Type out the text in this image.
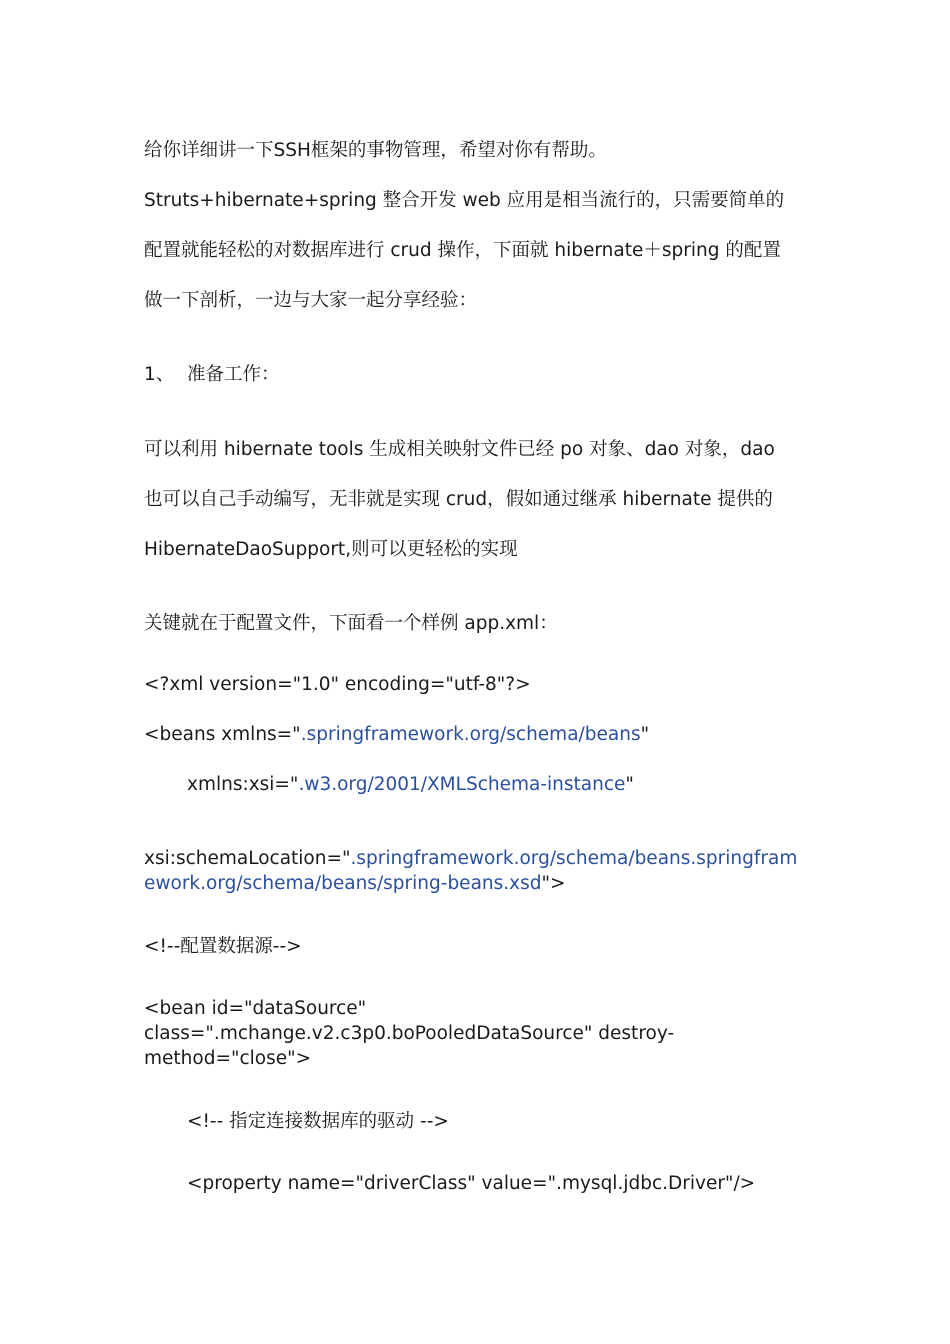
给你详细讲一下SSH框架的事物管理，希望对你有帮助。

Struts+hibernate+spring 整合开发 web 应用是相当流行的，只需要简单的

配置就能轻松的对数据库进行 crud 操作，下面就 hibernate＋spring 的配置

做一下剖析，一边与大家一起分享经验：

1、 准备工作：

可以利用 hibernate tools 生成相关映射文件已经 po 对象、dao 对象，dao

也可以自己手动编写，无非就是实现 crud，假如通过继承 hibernate 提供的

HibernateDaoSupport,则可以更轻松的实现

关键就在于配置文件，下面看一个样例 app.xml：

<?xml version="1.0" encoding="utf-8"?>

<beans xmlns=".springframework.org/schema/beans"

xmlns:xsi=".w3.org/2001/XMLSchema-instance"

xsi:schemaLocation=".springframework.org/schema/beans.springframework.org/schema/beans/spring-beans.xsd">

<!--配置数据源-->

<bean id="dataSource" class=".mchange.v2.c3p0.boPooledDataSource" destroy-method="close">

<!-- 指定连接数据库的驱动 -->

<property name="driverClass" value=".mysql.jdbc.Driver"/>
